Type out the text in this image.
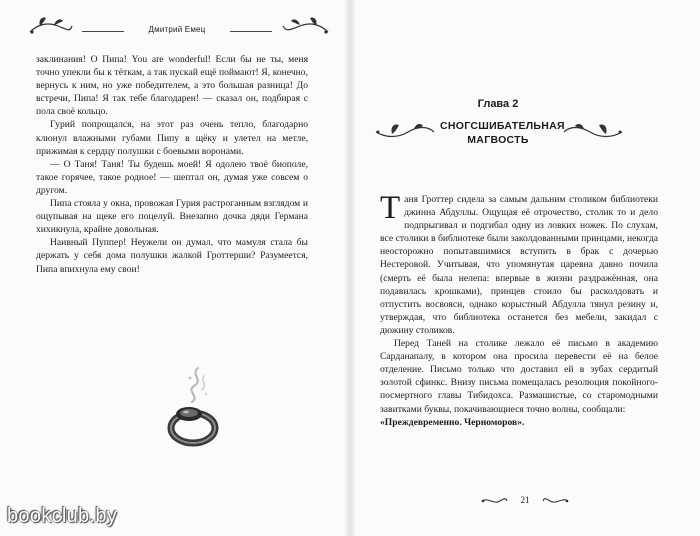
Дмитрий Емец

заклинания! О Пипа! You are wonderful! Если бы не ты, меня точно упекли бы к тёткам, а так пускай ещё поймают! Я, конечно, вернусь к ним, но уже победителем, а это большая разница! До встречи, Пипа! Я так тебе благодарен! — сказал он, подбирая с пола своё кольцо.

Гурий попрощался, на этот раз очень тепло, благодарно клюнул влажными губами Пипу в щёку и улетел на метле, прижимая к сердцу полушки с боевыми воронами.

— О Таня! Таня! Ты будешь моей! Я одолею твоё биополе, такое горячее, такое родное! — шептал он, думая уже совсем о другом.

Пипа стояла у окна, провожая Гурия растроганным взглядом и ощупывая на щеке его поцелуй. Внезапно дочка дяди Германа хихикнула, крайне довольная.

Наивный Пуппер! Неужели он думал, что мамуля стала бы держать у себя дома полушки жалкой Гроттерши? Разумеется, Пипа впихнула ему свои!

Глава 2
СНОГСШИБАТЕЛЬНАЯ МАГВОСТЬ

Таня Гроттер сидела за самым дальним столиком библиотеки джинна Абдуллы. Ощущая её отрочество, столик то и дело подпрыгивал и подгибал одну из ловких ножек. По слухам, все столики в библиотеке были заколдованными принцами, некогда неосторожно попытавшимися вступить в брак с дочерью Нестеровой. Учитывая, что упомянутая царевна давно почила (смерть её была нелепа: впервые в жизни раздражённая, она подавилась крошками), принцев стоило бы расколдовать и отпустить восвояси, однако корыстный Абдулла тянул резину и, утверждая, что библиотека останется без мебели, закидал с дюжину столиков.

Перед Таней на столике лежало её письмо в академию Сарданапалу, в котором она просила перевести её на белое отделение. Письмо только что доставил ей в зубах сердитый золотой сфинкс. Внизу письма помещалась резолюция покойного-посмертного главы Тибидохса. Размашистые, со старомодными завитками буквы, покачивающиеся точно волны, сообщали:

«Преждевременно. Черноморов».

21
bookclub.by
